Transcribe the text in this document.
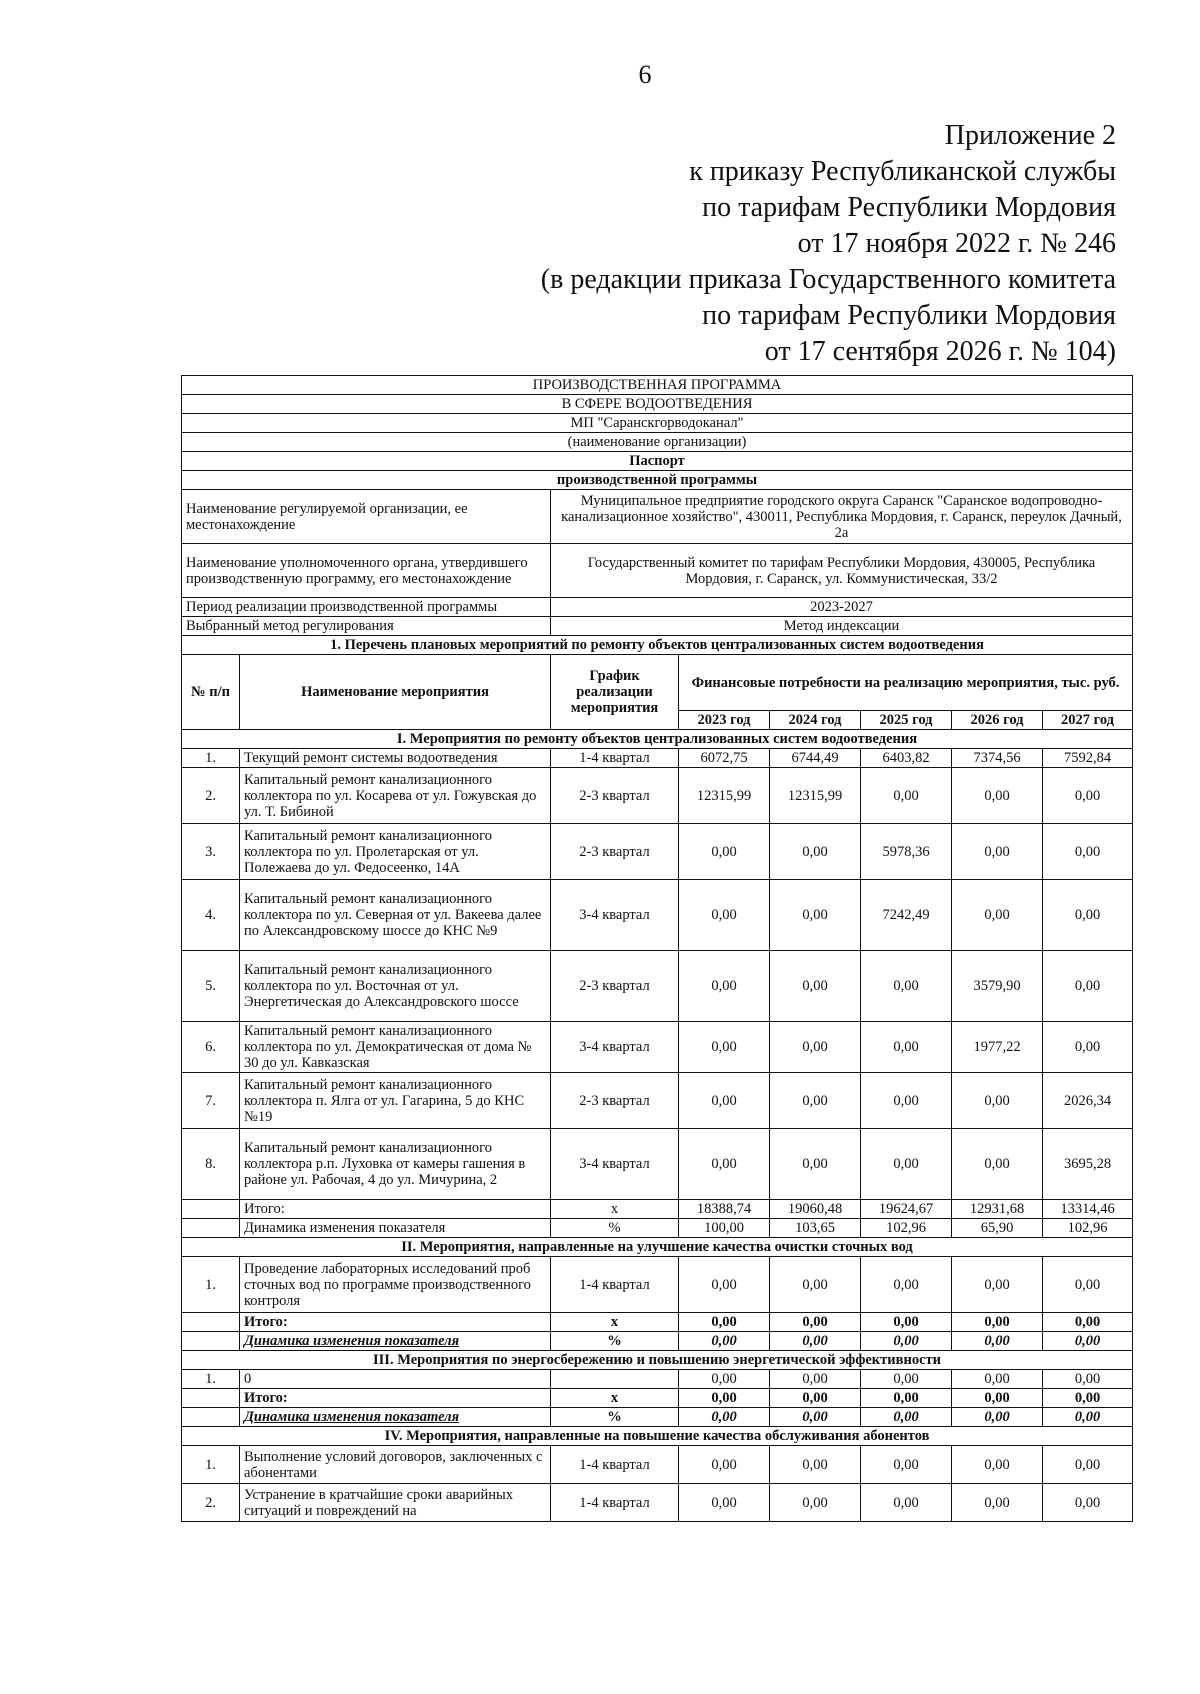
6
Приложение 2
к приказу Республиканской службы
по тарифам Республики Мордовия
от 17 ноября 2022 г. № 246
(в редакции приказа Государственного комитета
по тарифам Республики Мордовия
от 17 сентября 2026 г. № 104)
ПРОИЗВОДСТВЕННАЯ ПРОГРАММА							
В СФЕРЕ ВОДООТВЕДЕНИЯ							
МП "Саранскгорводоканал"							
(наименование организации)							
Паспорт							
производственной программы							
Наименование регулируемой организации, ее местонахождение		Муниципальное предприятие городского округа Саранск "Саранское водопроводно-канализационное хозяйство", 430011, Республика Мордовия, г. Саранск, переулок Дачный, 2а					
Наименование уполномоченного органа, утвердившего производственную программу, его местонахождение		Государственный комитет по тарифам Республики Мордовия, 430005, Республика Мордовия, г. Саранск, ул. Коммунистическая, 33/2					
Период реализации производственной программы		2023-2027					
Выбранный метод регулирования		Метод индексации					
1. Перечень плановых мероприятий по ремонту объектов централизованных систем водоотведения							
№ п/п	Наименование мероприятия	График реализации мероприятия	Финансовые потребности на реализацию мероприятия, тыс. руб.				
			2023 год	2024 год	2025 год	2026 год	2027 год
I. Мероприятия по ремонту объектов централизованных систем водоотведения							
1.	Текущий ремонт системы водоотведения	1-4 квартал	6072,75	6744,49	6403,82	7374,56	7592,84
2.	Капитальный ремонт канализационного коллектора по ул. Косарева от ул. Гожувская до ул. Т. Бибиной	2-3 квартал	12315,99	12315,99	0,00	0,00	0,00
3.	Капитальный ремонт канализационного коллектора по ул. Пролетарская от ул. Полежаева до ул. Федосеенко, 14А	2-3 квартал	0,00	0,00	5978,36	0,00	0,00
4.	Капитальный ремонт канализационного коллектора по ул. Северная от ул. Вакеева далее по Александровскому шоссе до КНС №9	3-4 квартал	0,00	0,00	7242,49	0,00	0,00
5.	Капитальный ремонт канализационного коллектора по ул. Восточная от ул. Энергетическая до Александровского шоссе	2-3 квартал	0,00	0,00	0,00	3579,90	0,00
6.	Капитальный ремонт канализационного коллектора по ул. Демократическая от дома № 30 до ул. Кавказская	3-4 квартал	0,00	0,00	0,00	1977,22	0,00
7.	Капитальный ремонт канализационного коллектора п. Ялга от ул. Гагарина, 5 до КНС №19	2-3 квартал	0,00	0,00	0,00	0,00	2026,34
8.	Капитальный ремонт канализационного коллектора р.п. Луховка от камеры гашения в районе ул. Рабочая, 4 до ул. Мичурина, 2	3-4 квартал	0,00	0,00	0,00	0,00	3695,28
	Итого:	х	18388,74	19060,48	19624,67	12931,68	13314,46
	Динамика изменения показателя	%	100,00	103,65	102,96	65,90	102,96
II. Мероприятия, направленные на улучшение качества очистки сточных вод							
1.	Проведение лабораторных исследований проб сточных вод по программе производственного контроля	1-4 квартал	0,00	0,00	0,00	0,00	0,00
	Итого:	х	0,00	0,00	0,00	0,00	0,00
	Динамика изменения показателя	%	0,00	0,00	0,00	0,00	0,00
III. Мероприятия по энергосбережению и повышению энергетической эффективности							
1.	0		0,00	0,00	0,00	0,00	0,00
	Итого:	х	0,00	0,00	0,00	0,00	0,00
	Динамика изменения показателя	%	0,00	0,00	0,00	0,00	0,00
IV. Мероприятия, направленные на повышение качества обслуживания абонентов							
1.	Выполнение условий договоров, заключенных с абонентами	1-4 квартал	0,00	0,00	0,00	0,00	0,00
2.	Устранение в кратчайшие сроки аварийных ситуаций и повреждений на	1-4 квартал	0,00	0,00	0,00	0,00	0,00
